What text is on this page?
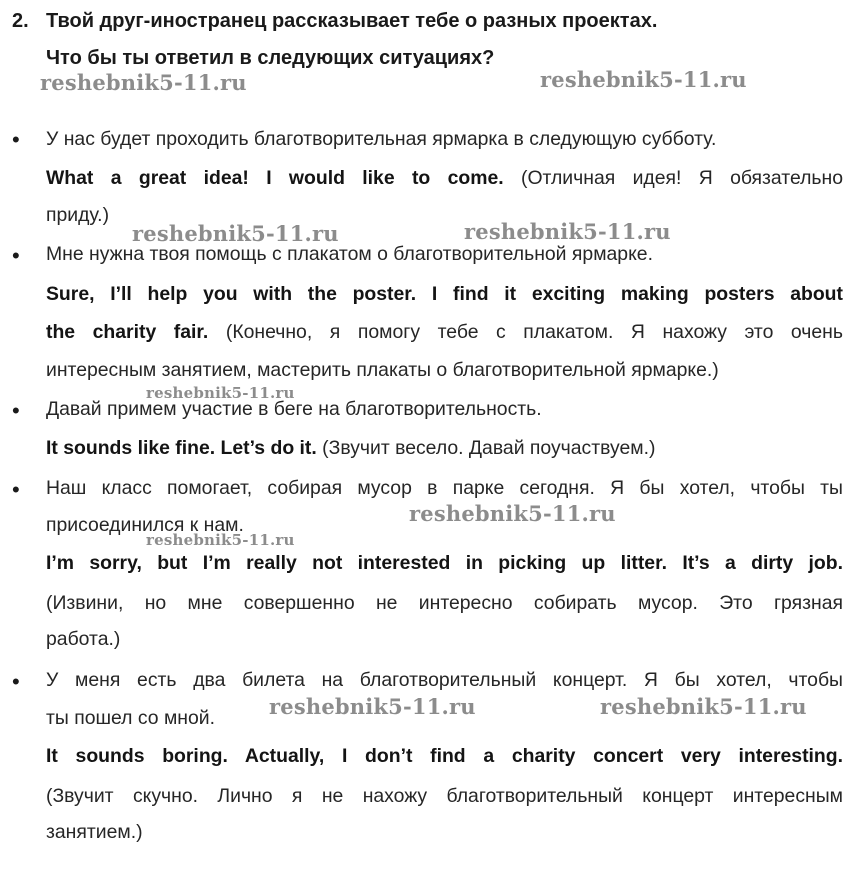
2. Твой друг-иностранец рассказывает тебе о разных проектах.
Что бы ты ответил в следующих ситуациях?
• У нас будет проходить благотворительная ярмарка в следующую субботу.
What a great idea! I would like to come. (Отличная идея! Я обязательно
приду.)
• Мне нужна твоя помощь с плакатом о благотворительной ярмарке.
Sure, I’ll help you with the poster. I find it exciting making posters about
the charity fair. (Конечно, я помогу тебе с плакатом. Я нахожу это очень
интересным занятием, мастерить плакаты о благотворительной ярмарке.)
• Давай примем участие в беге на благотворительность.
It sounds like fine. Let’s do it. (Звучит весело. Давай поучаствуем.)
• Наш класс помогает, собирая мусор в парке сегодня. Я бы хотел, чтобы ты
присоединился к нам.
I’m sorry, but I’m really not interested in picking up litter. It’s a dirty job.
(Извини, но мне совершенно не интересно собирать мусор. Это грязная
работа.)
• У меня есть два билета на благотворительный концерт. Я бы хотел, чтобы
ты пошел со мной.
It sounds boring. Actually, I don’t find a charity concert very interesting.
(Звучит скучно. Лично я не нахожу благотворительный концерт интересным
занятием.)
reshebnik5-11.ru	reshebnik5-11.ru
reshebnik5-11.ru	reshebnik5-11.ru
reshebnik5-11.ru
reshebnik5-11.ru
reshebnik5-11.ru
reshebnik5-11.ru	reshebnik5-11.ru
